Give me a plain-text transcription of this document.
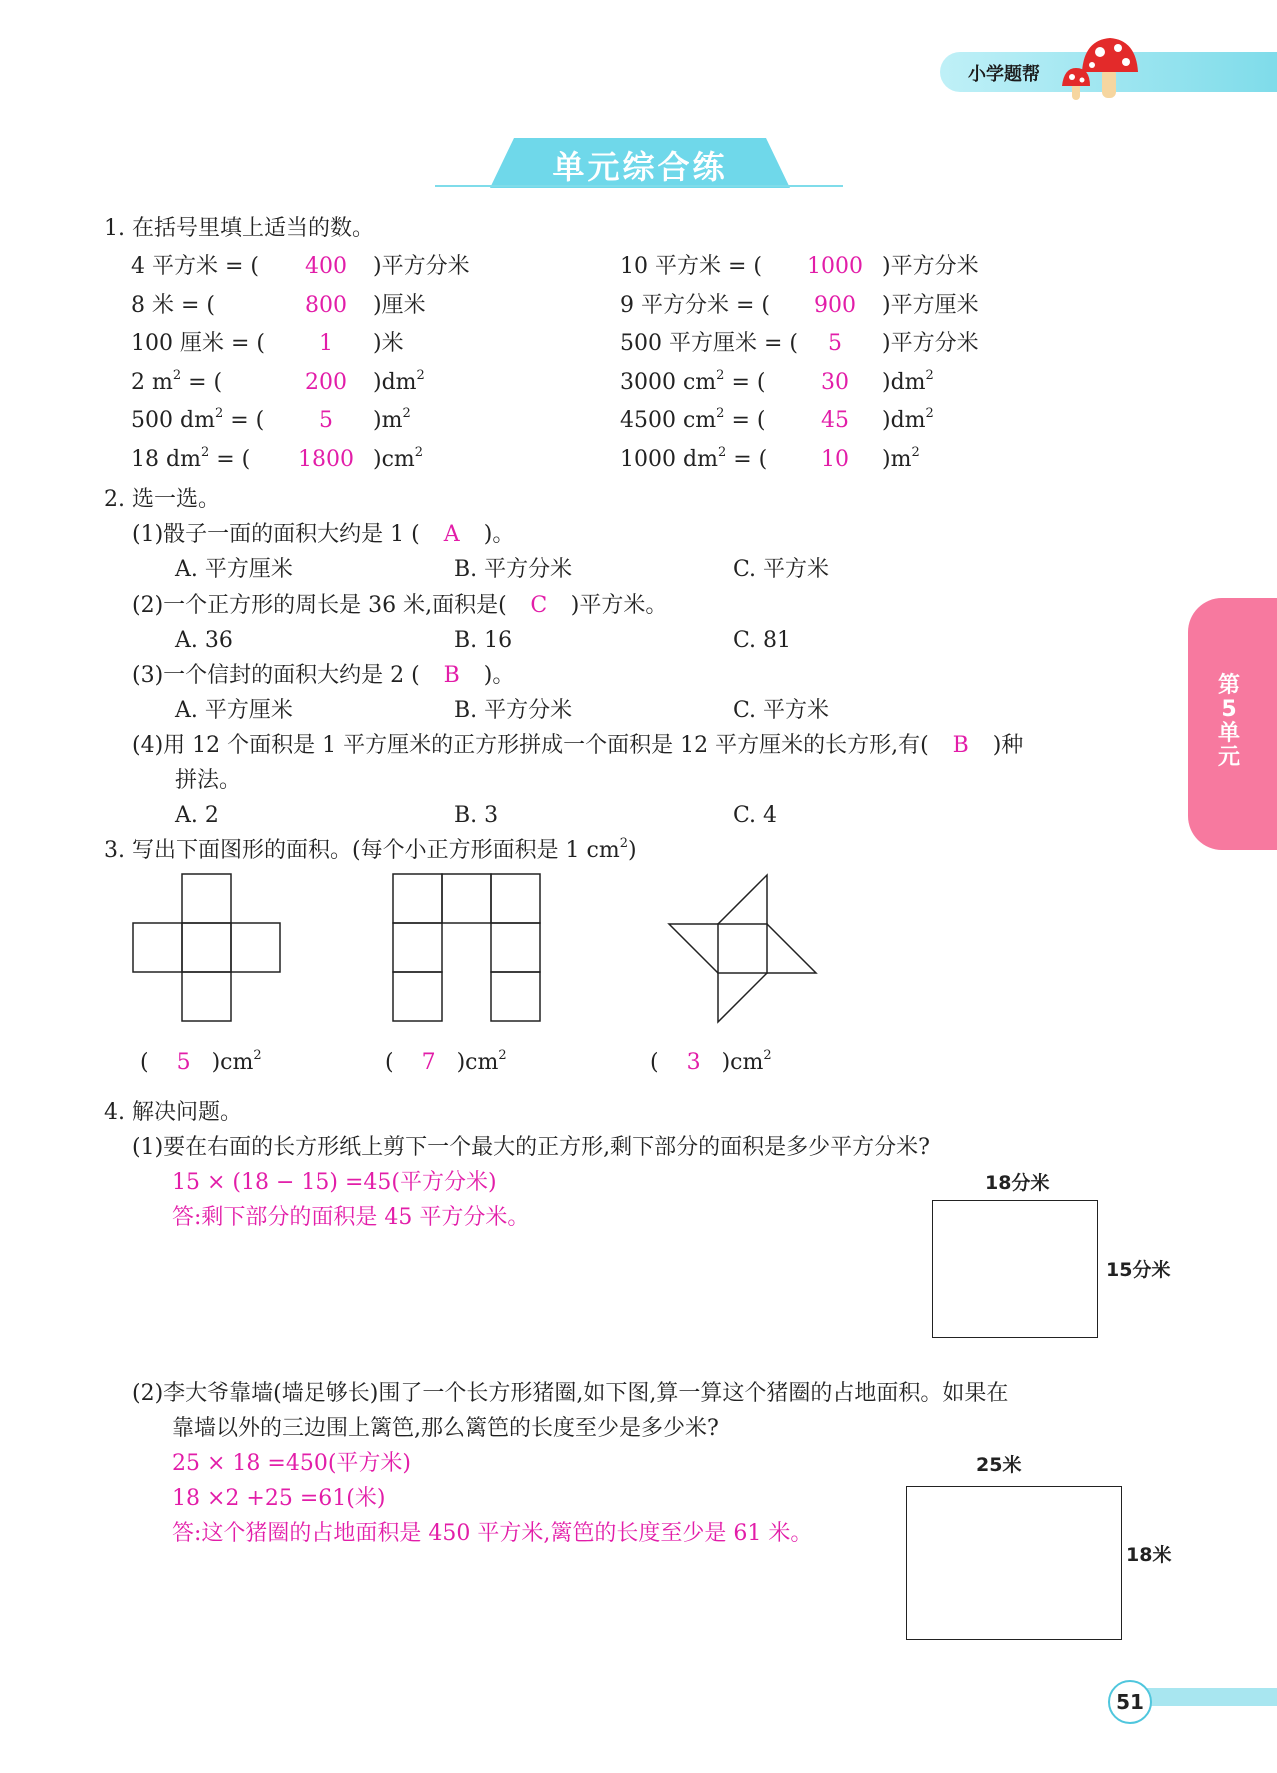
小学题帮
单元综合练
第5单元
1. 在括号里填上适当的数。
4 平方米 = (	400	)平方分米
8 米 = (	800	)厘米
100 厘米 = (	1	)米
2 $m^2$ = (	200	)$dm^2$
500 $dm^2$ = (	5	)$m^2$
18 $dm^2$ = (	1800 )$cm^2$
10 平方米 = (	1000 )平方分米
9 平方分米 = (	900	)平方厘米
500 平方厘米 = (	5	)平方分米
3000 $cm^2$ = (	30	)$dm^2$
4500 $cm^2$ = (	45	)$dm^2$
1000 $dm^2$ = (	10	)$m^2$
2. 选一选。
(1)骰子一面的面积大约是 1 ( A )。
A. 平方厘米	B. 平方分米	C. 平方米
(2)一个正方形的周长是 36 米,面积是( C )平方米。
A. 36	B. 16	C. 81
(3)一个信封的面积大约是 2 ( B )。
A. 平方厘米	B. 平方分米	C. 平方米
(4)用 12 个面积是 1 平方厘米的正方形拼成一个面积是 12 平方厘米的长方形,有( B )种
拼法。
A. 2	B. 3	C. 4
3. 写出下面图形的面积。(每个小正方形面积是 1 $cm^2$)
( 5 )$cm^2$	( 7 )$cm^2$	( 3 )$cm^2$
4. 解决问题。
(1)要在右面的长方形纸上剪下一个最大的正方形,剩下部分的面积是多少平方分米?
15 × (18 − 15) =45(平方分米)
答:剩下部分的面积是 45 平方分米。
18分米
15分米
(2)李大爷靠墙(墙足够长)围了一个长方形猪圈,如下图,算一算这个猪圈的占地面积。如果在
靠墙以外的三边围上篱笆,那么篱笆的长度至少是多少米?
25 × 18 =450(平方米)
18 ×2 +25 =61(米)
答:这个猪圈的占地面积是 450 平方米,篱笆的长度至少是 61 米。
25米
18米
51
